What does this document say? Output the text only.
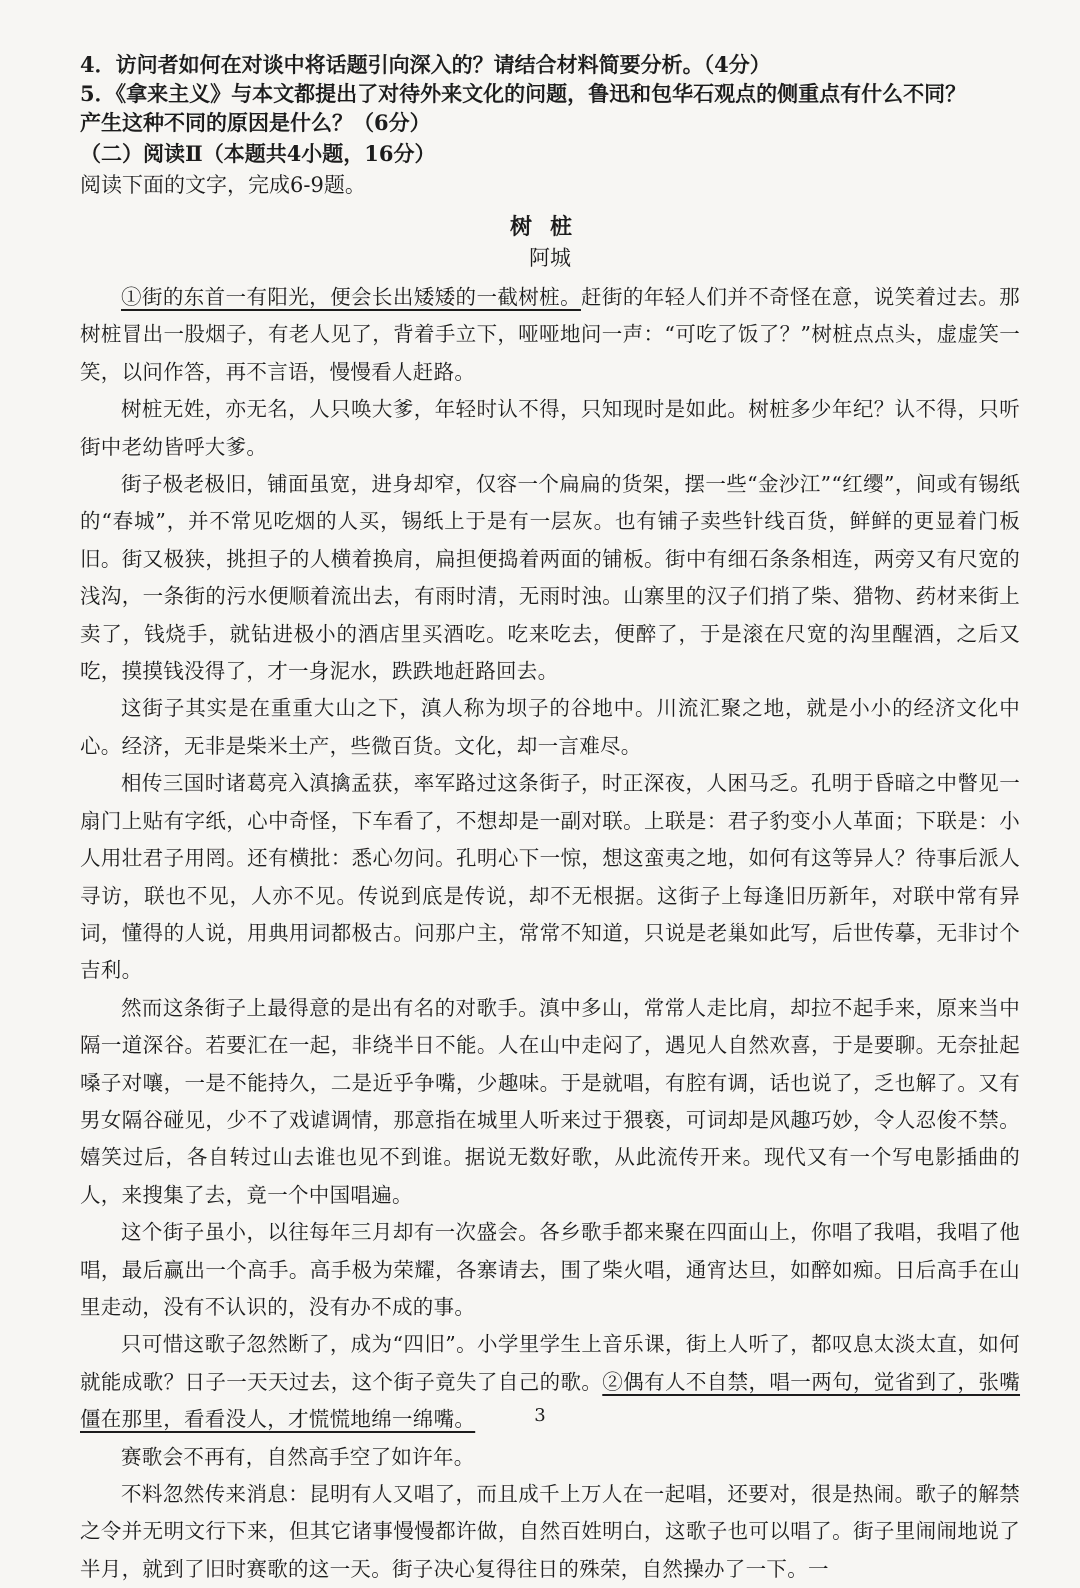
4．访问者如何在对谈中将话题引向深入的？请结合材料简要分析。（4分）

5．《拿来主义》与本文都提出了对待外来文化的问题，鲁迅和包华石观点的侧重点有什么不同？

产生这种不同的原因是什么？（6分）

（二）阅读Ⅱ（本题共4小题，16分）

阅读下面的文字，完成6-9题。

树桩

阿城

①街的东首一有阳光，便会长出矮矮的一截树桩。赶街的年轻人们并不奇怪在意，说笑着过去。那树桩冒出一股烟子，有老人见了，背着手立下，哑哑地问一声：“可吃了饭了？”树桩点点头，虚虚笑一笑，以问作答，再不言语，慢慢看人赶路。

树桩无姓，亦无名，人只唤大爹，年轻时认不得，只知现时是如此。树桩多少年纪？认不得，只听街中老幼皆呼大爹。

街子极老极旧，铺面虽宽，进身却窄，仅容一个扁扁的货架，摆一些“金沙江”“红缨”，间或有锡纸的“春城”，并不常见吃烟的人买，锡纸上于是有一层灰。也有铺子卖些针线百货，鲜鲜的更显着门板旧。街又极狭，挑担子的人横着换肩，扁担便捣着两面的铺板。街中有细石条条相连，两旁又有尺宽的浅沟，一条街的污水便顺着流出去，有雨时清，无雨时浊。山寨里的汉子们捎了柴、猎物、药材来街上卖了，钱烧手，就钻进极小的酒店里买酒吃。吃来吃去，便醉了，于是滚在尺宽的沟里醒酒，之后又吃，摸摸钱没得了，才一身泥水，跌跌地赶路回去。

这街子其实是在重重大山之下，滇人称为坝子的谷地中。川流汇聚之地，就是小小的经济文化中心。经济，无非是柴米土产，些微百货。文化，却一言难尽。

相传三国时诸葛亮入滇擒孟获，率军路过这条街子，时正深夜，人困马乏。孔明于昏暗之中瞥见一扇门上贴有字纸，心中奇怪，下车看了，不想却是一副对联。上联是：君子豹变小人革面；下联是：小人用壮君子用罔。还有横批：悉心勿问。孔明心下一惊，想这蛮夷之地，如何有这等异人？待事后派人寻访，联也不见，人亦不见。传说到底是传说，却不无根据。这街子上每逢旧历新年，对联中常有异词，懂得的人说，用典用词都极古。问那户主，常常不知道，只说是老巢如此写，后世传摹，无非讨个吉利。

然而这条街子上最得意的是出有名的对歌手。滇中多山，常常人走比肩，却拉不起手来，原来当中隔一道深谷。若要汇在一起，非绕半日不能。人在山中走闷了，遇见人自然欢喜，于是要聊。无奈扯起嗓子对嚷，一是不能持久，二是近乎争嘴，少趣味。于是就唱，有腔有调，话也说了，乏也解了。又有男女隔谷碰见，少不了戏谑调情，那意指在城里人听来过于猥亵，可词却是风趣巧妙，令人忍俊不禁。嬉笑过后，各自转过山去谁也见不到谁。据说无数好歌，从此流传开来。现代又有一个写电影插曲的人，来搜集了去，竟一个中国唱遍。

这个街子虽小，以往每年三月却有一次盛会。各乡歌手都来聚在四面山上，你唱了我唱，我唱了他唱，最后赢出一个高手。高手极为荣耀，各寨请去，围了柴火唱，通宵达旦，如醉如痴。日后高手在山里走动，没有不认识的，没有办不成的事。

只可惜这歌子忽然断了，成为“四旧”。小学里学生上音乐课，街上人听了，都叹息太淡太直，如何就能成歌？日子一天天过去，这个街子竟失了自己的歌。②偶有人不自禁，唱一两句，觉省到了，张嘴僵在那里，看看没人，才慌慌地绵一绵嘴。

赛歌会不再有，自然高手空了如许年。

不料忽然传来消息：昆明有人又唱了，而且成千上万人在一起唱，还要对，很是热闹。歌子的解禁之令并无明文行下来，但其它诸事慢慢都许做，自然百姓明白，这歌子也可以唱了。街子里闹闹地说了半月，就到了旧时赛歌的这一天。街子决心复得往日的殊荣，自然操办了一下。一

3
